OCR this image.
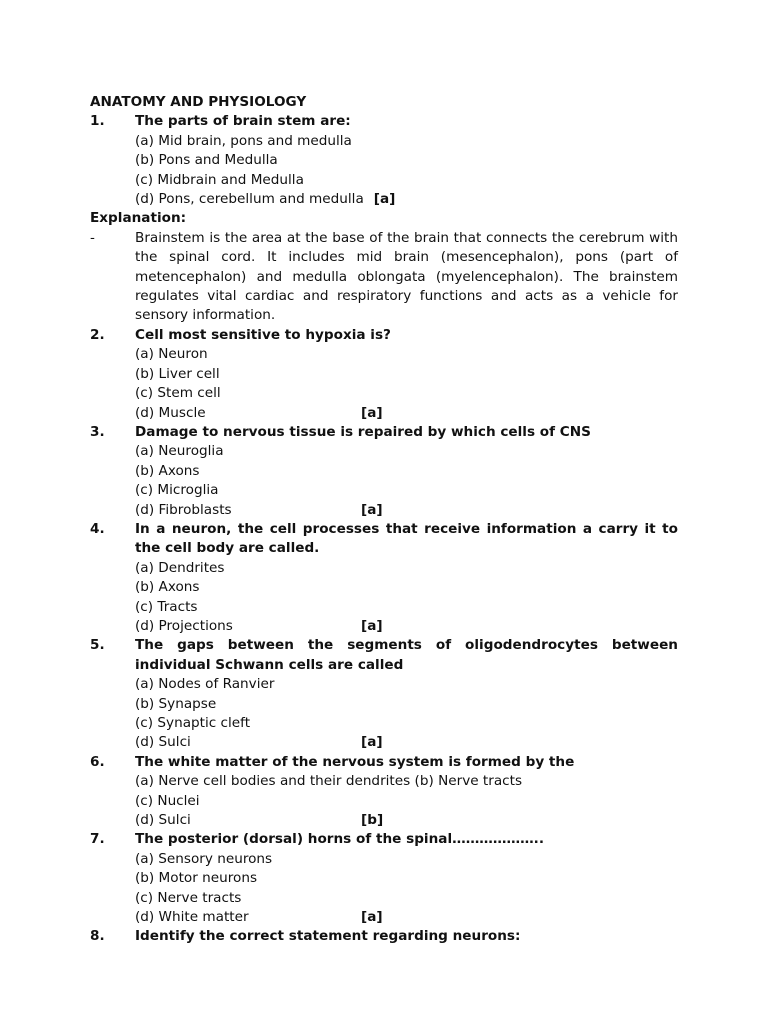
ANATOMY AND PHYSIOLOGY
1.	The parts of brain stem are:
(a) Mid brain, pons and medulla
(b) Pons and Medulla
(c) Midbrain and Medulla
(d) Pons, cerebellum and medulla [a]
Explanation:
-	Brainstem is the area at the base of the brain that connects the cerebrum with the spinal cord. It includes mid brain (mesencephalon), pons (part of metencephalon) and medulla oblongata (myelencephalon). The brainstem regulates vital cardiac and respiratory functions and acts as a vehicle for sensory information.
2.	Cell most sensitive to hypoxia is?
(a) Neuron
(b) Liver cell
(c) Stem cell
(d) Muscle	[a]
3.	Damage to nervous tissue is repaired by which cells of CNS
(a) Neuroglia
(b) Axons
(c) Microglia
(d) Fibroblasts	[a]
4.	In a neuron, the cell processes that receive information a carry it to the cell body are called.
(a) Dendrites
(b) Axons
(c) Tracts
(d) Projections	[a]
5.	The gaps between the segments of oligodendrocytes between individual Schwann cells are called
(a) Nodes of Ranvier
(b) Synapse
(c) Synaptic cleft
(d) Sulci	[a]
6.	The white matter of the nervous system is formed by the
(a) Nerve cell bodies and their dendrites (b) Nerve tracts
(c) Nuclei
(d) Sulci	[b]
7.	The posterior (dorsal) horns of the spinal………………..
(a) Sensory neurons
(b) Motor neurons
(c) Nerve tracts
(d) White matter	[a]
8.	Identify the correct statement regarding neurons:
